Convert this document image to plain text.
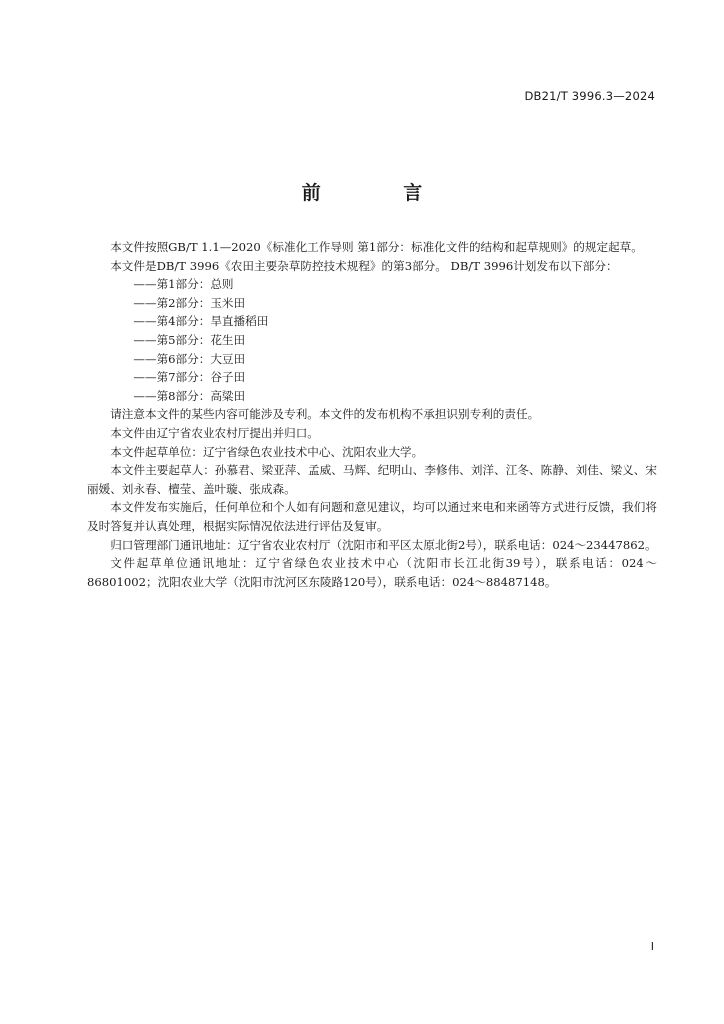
DB21/T 3996.3—2024
前 言

本文件按照GB/T 1.1—2020《标准化工作导则 第1部分：标准化文件的结构和起草规则》的规定起草。

本文件是DB/T 3996《农田主要杂草防控技术规程》的第3部分。 DB/T 3996计划发布以下部分：

——第1部分：总则

——第2部分：玉米田

——第4部分：旱直播稻田

——第5部分：花生田

——第6部分：大豆田

——第7部分：谷子田

——第8部分：高粱田

请注意本文件的某些内容可能涉及专利。本文件的发布机构不承担识别专利的责任。

本文件由辽宁省农业农村厅提出并归口。

本文件起草单位：辽宁省绿色农业技术中心、沈阳农业大学。

本文件主要起草人：孙慕君、梁亚萍、孟威、马辉、纪明山、李修伟、刘洋、江冬、陈静、刘佳、梁义、宋丽媛、刘永春、檀莹、盖叶璇、张成森。

本文件发布实施后，任何单位和个人如有问题和意见建议，均可以通过来电和来函等方式进行反馈，我们将及时答复并认真处理，根据实际情况依法进行评估及复审。

归口管理部门通讯地址：辽宁省农业农村厅（沈阳市和平区太原北街2号），联系电话：024～23447862。

文件起草单位通讯地址：辽宁省绿色农业技术中心（沈阳市长江北街39号），联系电话：024～86801002；沈阳农业大学（沈阳市沈河区东陵路120号），联系电话：024～88487148。

I
